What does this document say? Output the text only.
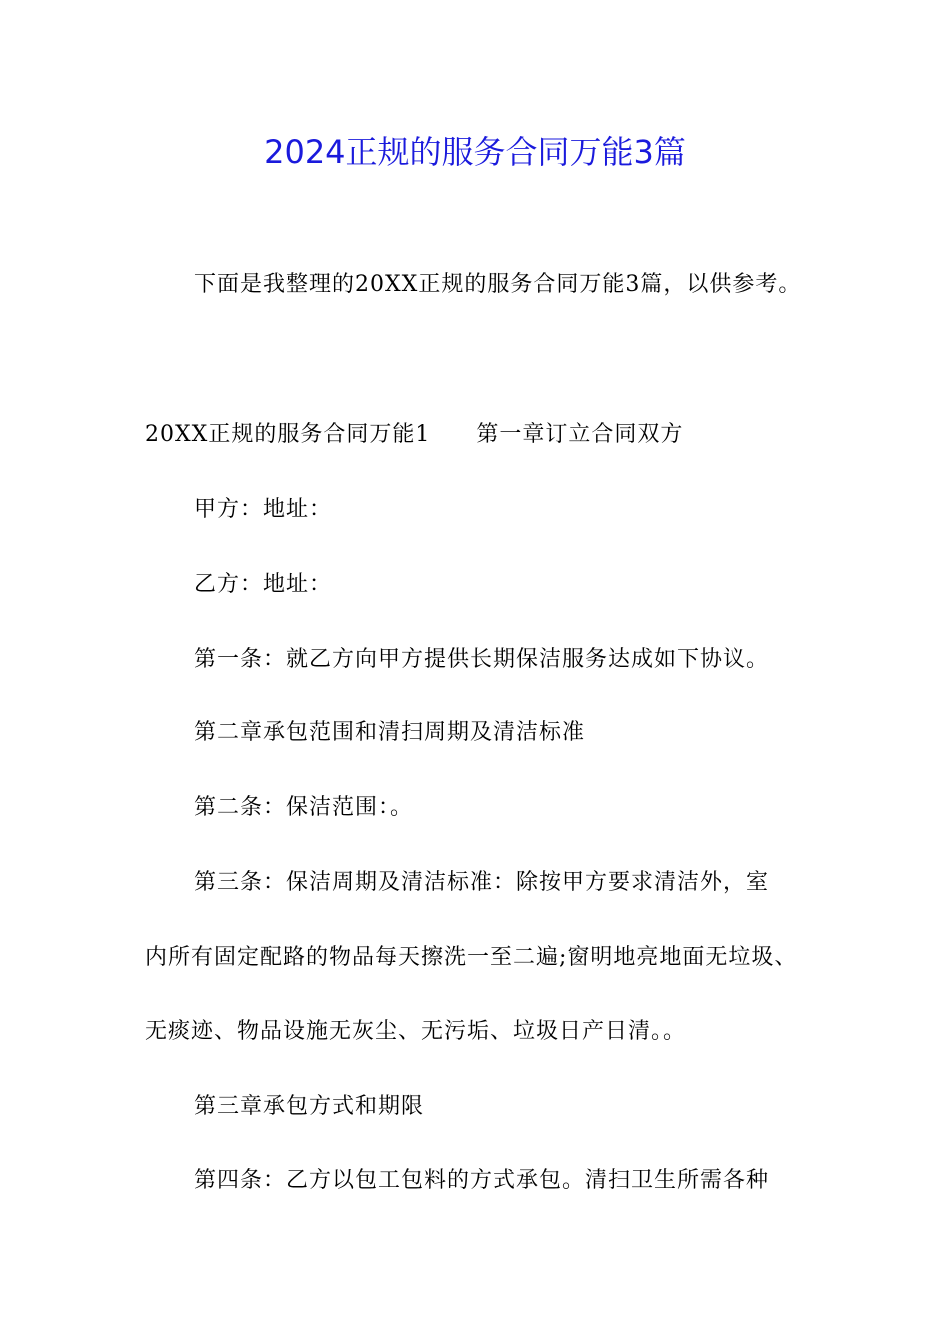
2024正规的服务合同万能3篇
下面是我整理的20XX正规的服务合同万能3篇，以供参考。
20XX正规的服务合同万能1 第一章订立合同双方
甲方：地址：
乙方：地址：
第一条：就乙方向甲方提供长期保洁服务达成如下协议。
第二章承包范围和清扫周期及清洁标准
第二条：保洁范围：。
第三条：保洁周期及清洁标准：除按甲方要求清洁外，室
内所有固定配路的物品每天擦洗一至二遍;窗明地亮地面无垃圾、
无痰迹、物品设施无灰尘、无污垢、垃圾日产日清。。
第三章承包方式和期限
第四条：乙方以包工包料的方式承包。清扫卫生所需各种
